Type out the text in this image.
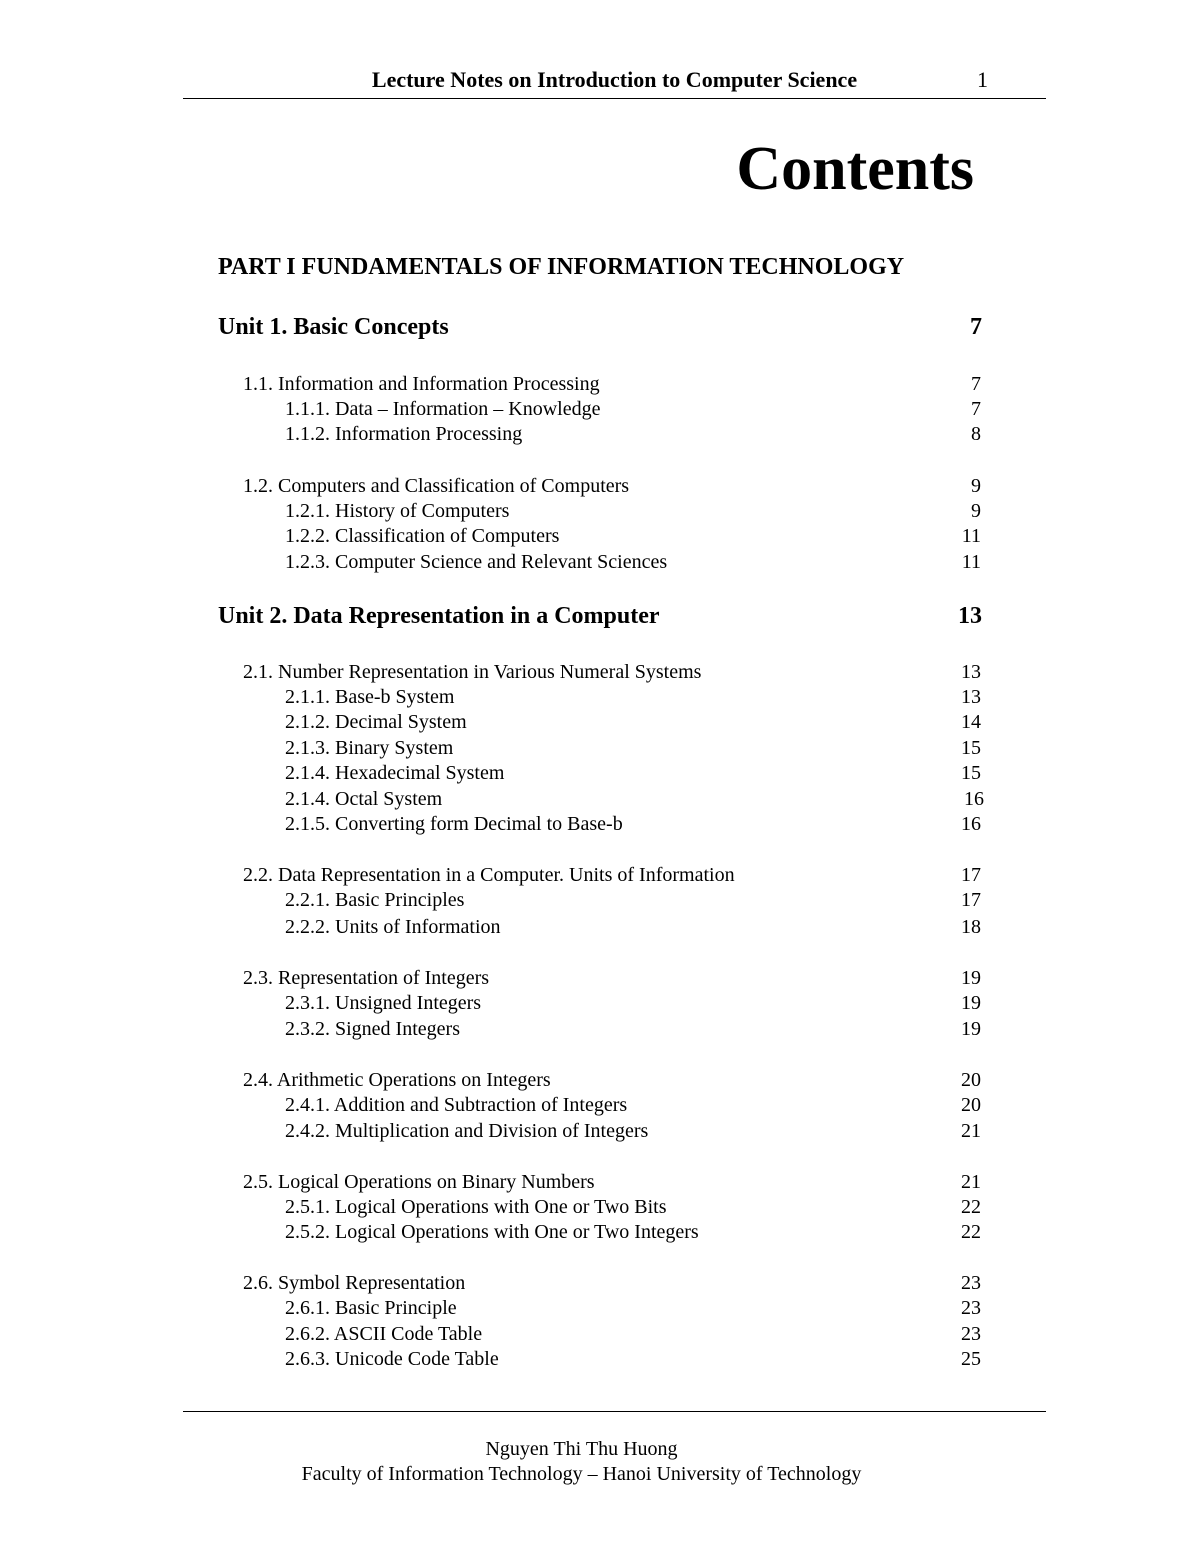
Lecture Notes on Introduction to Computer Science	1
Contents
PART I FUNDAMENTALS OF INFORMATION TECHNOLOGY
Unit 1. Basic Concepts	7
1.1. Information and Information Processing	7
1.1.1. Data – Information – Knowledge	7
1.1.2. Information Processing	8
1.2. Computers and Classification of Computers	9
1.2.1. History of Computers	9
1.2.2. Classification of Computers	11
1.2.3. Computer Science and Relevant Sciences	11
Unit 2. Data Representation in a Computer	13
2.1. Number Representation in Various Numeral Systems	13
2.1.1. Base-b System	13
2.1.2. Decimal System	14
2.1.3. Binary System	15
2.1.4. Hexadecimal System	15
2.1.4. Octal System	16
2.1.5. Converting form Decimal to Base-b	16
2.2. Data Representation in a Computer. Units of Information	17
2.2.1. Basic Principles	17
2.2.2. Units of Information	18
2.3. Representation of Integers	19
2.3.1. Unsigned Integers	19
2.3.2. Signed Integers	19
2.4. Arithmetic Operations on Integers	20
2.4.1. Addition and Subtraction of Integers	20
2.4.2. Multiplication and Division of Integers	21
2.5. Logical Operations on Binary Numbers	21
2.5.1. Logical Operations with One or Two Bits	22
2.5.2. Logical Operations with One or Two Integers	22
2.6. Symbol Representation	23
2.6.1. Basic Principle	23
2.6.2. ASCII Code Table	23
2.6.3. Unicode Code Table	25
Nguyen Thi Thu Huong
Faculty of Information Technology – Hanoi University of Technology
